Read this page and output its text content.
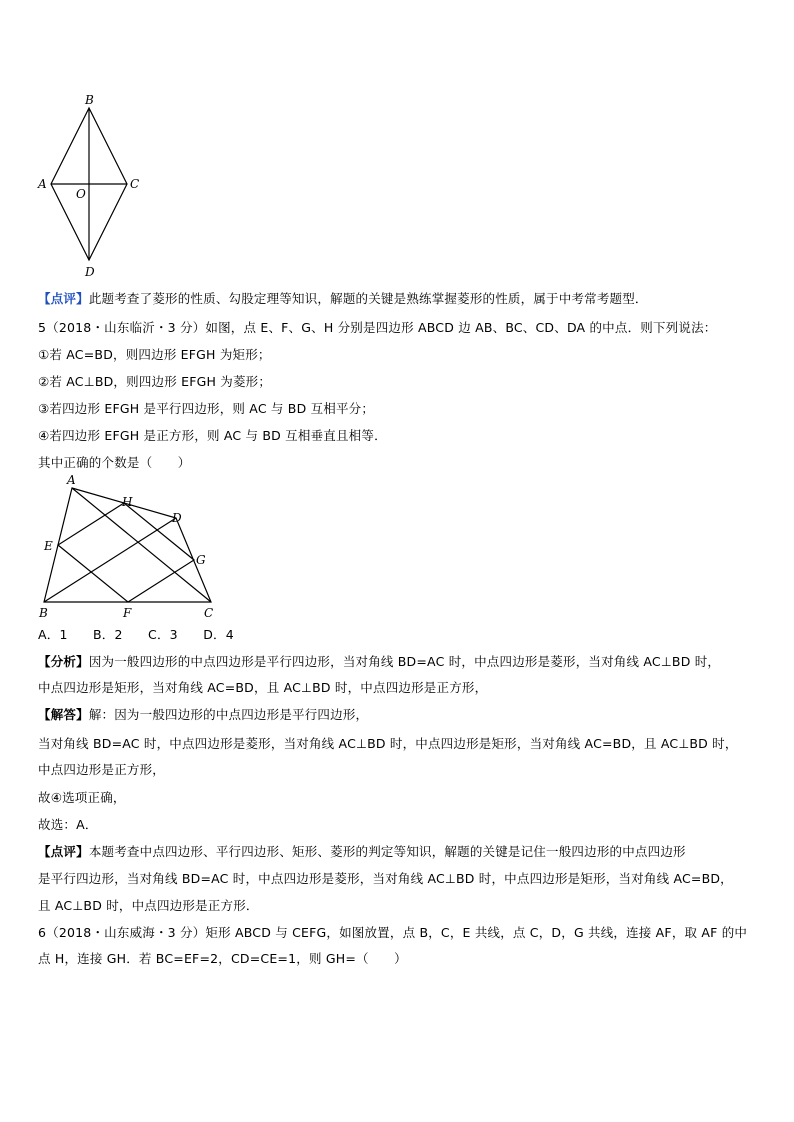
B
A
O
C
D
【点评】此题考查了菱形的性质、勾股定理等知识，解题的关键是熟练掌握菱形的性质，属于中考常考题型．
5（2018・山东临沂・3 分）如图，点 E、F、G、H 分别是四边形 ABCD 边 AB、BC、CD、DA 的中点．则下列说法：
①若 AC=BD，则四边形 EFGH 为矩形；
②若 AC⊥BD，则四边形 EFGH 为菱形；
③若四边形 EFGH 是平行四边形，则 AC 与 BD 互相平分；
④若四边形 EFGH 是正方形，则 AC 与 BD 互相垂直且相等．
其中正确的个数是（　　）
A
H
D
E
G
B	F	C
A．1　　B．2　　C．3　　D．4
【分析】因为一般四边形的中点四边形是平行四边形，当对角线 BD=AC 时，中点四边形是菱形，当对角线 AC⊥BD 时，
中点四边形是矩形，当对角线 AC=BD，且 AC⊥BD 时，中点四边形是正方形，
【解答】解：因为一般四边形的中点四边形是平行四边形，
当对角线 BD=AC 时，中点四边形是菱形，当对角线 AC⊥BD 时，中点四边形是矩形，当对角线 AC=BD，且 AC⊥BD 时，
中点四边形是正方形，
故④选项正确，
故选：A．
【点评】本题考查中点四边形、平行四边形、矩形、菱形的判定等知识，解题的关键是记住一般四边形的中点四边形
是平行四边形，当对角线 BD=AC 时，中点四边形是菱形，当对角线 AC⊥BD 时，中点四边形是矩形，当对角线 AC=BD，
且 AC⊥BD 时，中点四边形是正方形．
6（2018・山东威海・3 分）矩形 ABCD 与 CEFG，如图放置，点 B，C，E 共线，点 C，D，G 共线，连接 AF，取 AF 的中
点 H，连接 GH．若 BC=EF=2，CD=CE=1，则 GH=（　　）
